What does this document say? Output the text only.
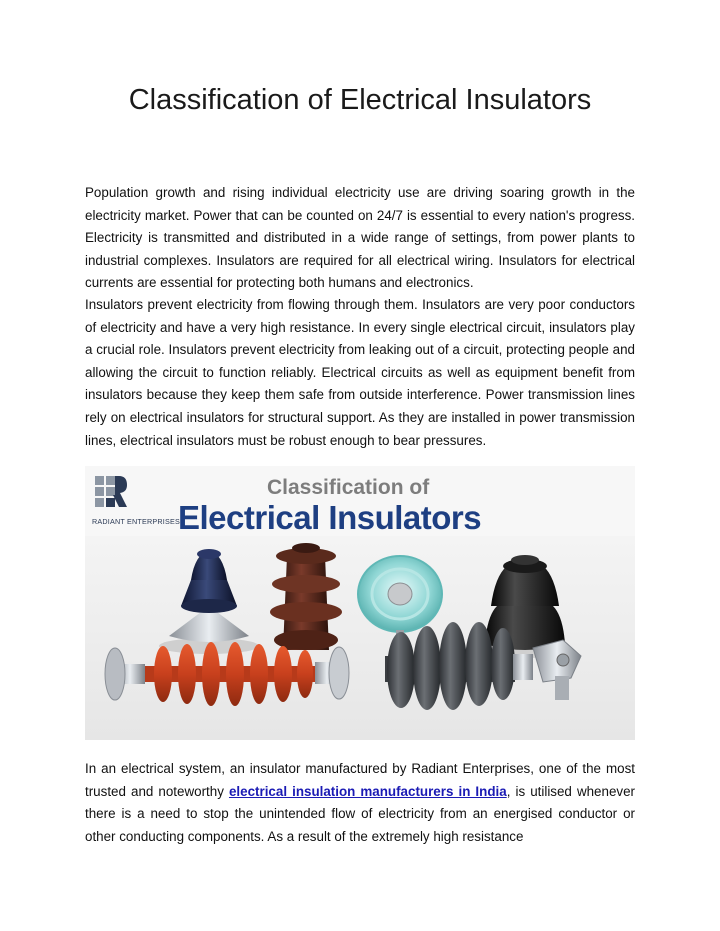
Classification of Electrical Insulators

Population growth and rising individual electricity use are driving soaring growth in the electricity market. Power that can be counted on 24/7 is essential to every nation's progress. Electricity is transmitted and distributed in a wide range of settings, from power plants to industrial complexes. Insulators are required for all electrical wiring. Insulators for electrical currents are essential for protecting both humans and electronics.

Insulators prevent electricity from flowing through them. Insulators are very poor conductors of electricity and have a very high resistance. In every single electrical circuit, insulators play a crucial role. Insulators prevent electricity from leaking out of a circuit, protecting people and allowing the circuit to function reliably. Electrical circuits as well as equipment benefit from insulators because they keep them safe from outside interference. Power transmission lines rely on electrical insulators for structural support. As they are installed in power transmission lines, electrical insulators must be robust enough to bear pressures.

RADIANT ENTERPRISES
Classification of
Electrical Insulators

In an electrical system, an insulator manufactured by Radiant Enterprises, one of the most trusted and noteworthy electrical insulation manufacturers in India, is utilised whenever there is a need to stop the unintended flow of electricity from an energised conductor or other conducting components. As a result of the extremely high resistance
